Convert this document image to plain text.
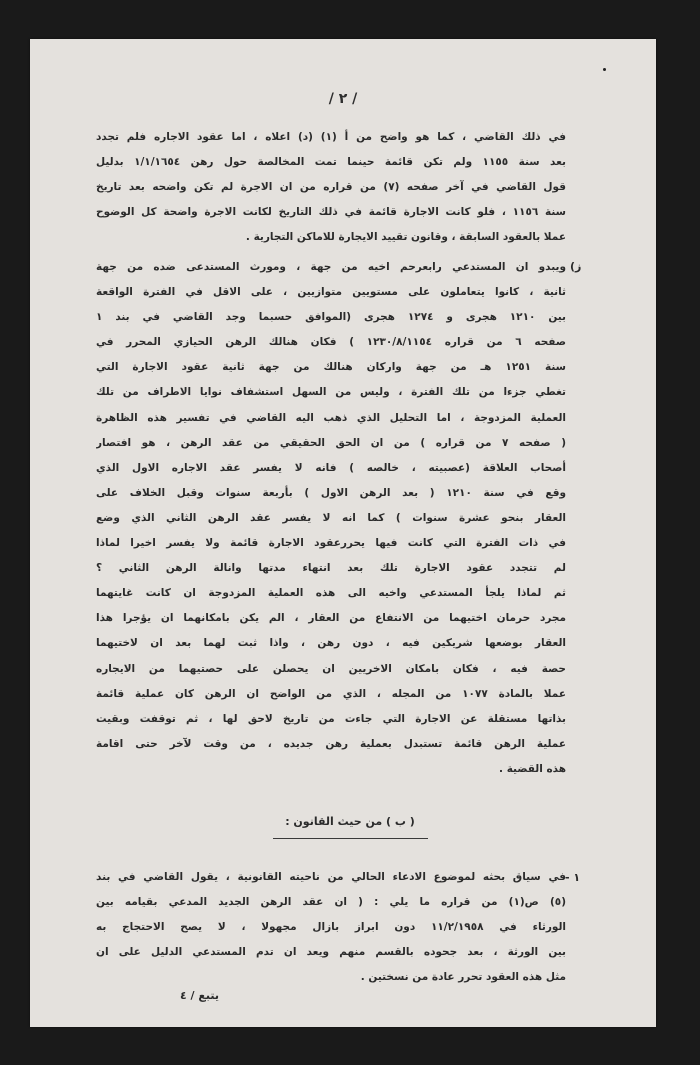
/ ٢ /
في ذلك القاضي ، كما هو واضح من أ (١) (د) اعلاه ، اما عقود الاجاره فلم تجدد
بعد سنة ١١٥٥ ولم تكن قائمة حينما تمت المخالصة حول رهن ١/١/١٦٥٤ بدليل
قول القاضي في آخر صفحه (٧) من قراره من ان الاجرة لم تكن واضحه بعد تاريخ
سنة ١١٥٦ ، فلو كانت الاجارة قائمة في ذلك التاريخ لكانت الاجرة واضحة كل الوضوح
عملا بالعقود السابقة ، وقانون تقييد الايجارة للاماكن التجارية .
ز)
ويبدو ان المستدعي رابعرحم اخيه من جهة ، ومورث المستدعى ضده من جهة
ثانية ، كانوا يتعاملون على مستويين متوازيين ، على الاقل في الفترة الواقعة
بين ١٢١٠ هجرى و ١٢٧٤ هجرى (الموافق حسبما وجد القاضي في بند ١
صفحه ٦ من قراره ١٢٣٠/٨/١١٥٤ ) فكان هنالك الرهن الحيازي المحرر في
سنة ١٢٥١ هـ من جهة واركان هنالك من جهة ثانية عقود الاجارة التي
تغطي جزءا من تلك الفترة ، وليس من السهل استشفاف نوايا الاطراف من تلك
العملية المزدوجة ، اما التحليل الذي ذهب اليه القاضي في تفسير هذه الظاهرة
( صفحه ٧ من قراره ) من ان الحق الحقيقي من عقد الرهن ، هو افتصار
أصحاب العلاقة (عصبيته ، خالصه ) فانه لا يفسر عقد الاجاره الاول الذي
وقع في سنة ١٢١٠ ( بعد الرهن الاول ) بأربعة سنوات وقبل الخلاف على
العقار بنحو عشرة سنوات ) كما انه لا يفسر عقد الرهن الثاني الذي وضع
في ذات الفترة التي كانت فيها يحررعقود الاجارة قائمة ولا يفسر اخيرا لماذا
لم تتجدد عقود الاجارة تلك بعد انتهاء مدتها وانالة الرهن الثاني ؟
ثم لماذا يلجأ المستدعي واخيه الى هذه العملية المزدوجة ان كانت غايتهما
مجرد حرمان اختيهما من الانتفاع من العقار ، الم يكن بامكانهما ان يؤجرا هذا
العقار بوضعها شريكين فيه ، دون رهن ، واذا ثبت لهما بعد ان لاختيهما
حصة فيه ، فكان بامكان الاخريين ان يحصلن على حصتيهما من الايجاره
عملا بالمادة ١٠٧٧ من المجله ، الذي من الواضح ان الرهن كان عملية قائمة
بذاتها مستقلة عن الاجارة التي جاءت من تاريخ لاحق لها ، ثم توقفت وبقيت
عملية الرهن قائمة تستبدل بعملية رهن جديده ، من وقت لآخر حتى اقامة
هذه القضية .
( ب ) من حيث القانون :
١ -
في سياق بحثه لموضوع الادعاء الحالي من ناحيته القانونية ، يقول القاضي في بند
(٥) ص(١) من قراره ما يلي : ( ان عقد الرهن الجديد المدعي بقيامه بين
الورثاء في ١١/٢/١٩٥٨ دون ابراز بازال مجهولا ، لا يصح الاحتجاج به
بين الورثة ، بعد جحوده بالقسم منهم ويعد ان تدم المستدعي الدليل على ان
مثل هذه العقود تحرر عادة من نسختين .
يتبع / ٤
